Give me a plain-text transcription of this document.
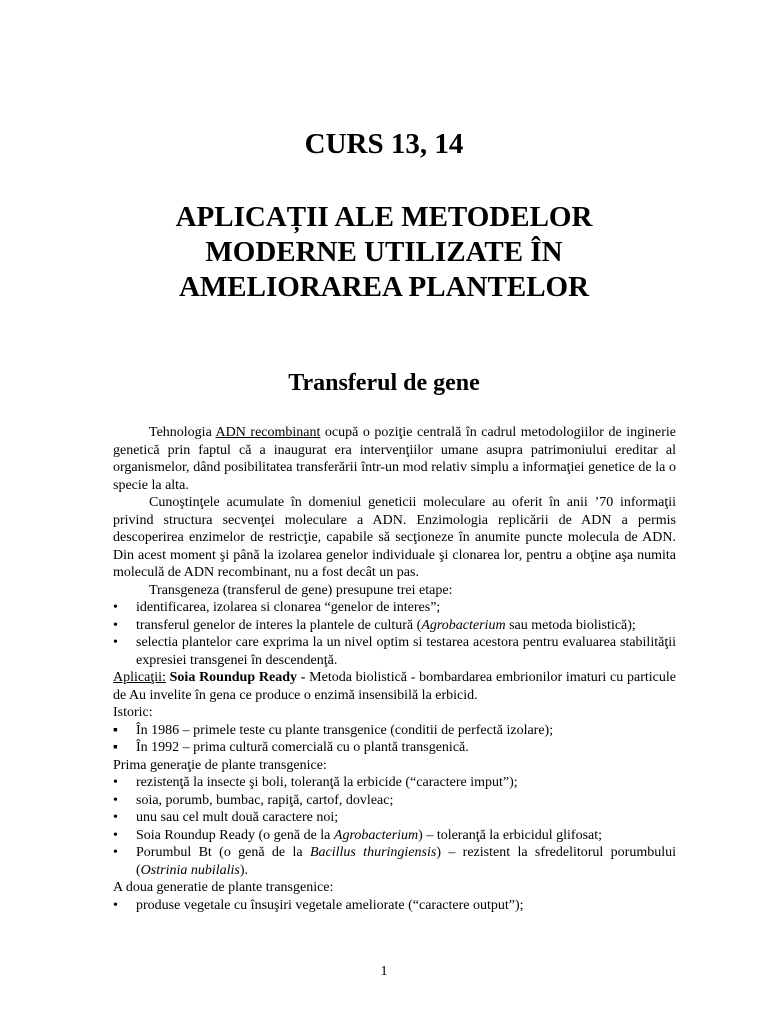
CURS 13, 14
APLICAȚII ALE METODELOR
MODERNE UTILIZATE ÎN
AMELIORAREA PLANTELOR
Transferul de gene

Tehnologia ADN recombinant ocupă o poziţie centrală în cadrul metodologiilor de inginerie genetică prin faptul că a inaugurat era intervenţiilor umane asupra patrimoniului ereditar al organismelor, dând posibilitatea transferării într-un mod relativ simplu a informaţiei genetice de la o specie la alta.

Cunoştinţele acumulate în domeniul geneticii moleculare au oferit în anii ’70 informaţii privind structura secvenţei moleculare a ADN. Enzimologia replicării de ADN a permis descoperirea enzimelor de restricţie, capabile să secţioneze în anumite puncte molecula de ADN. Din acest moment şi până la izolarea genelor individuale şi clonarea lor, pentru a obţine aşa numita moleculă de ADN recombinant, nu a fost decât un pas.

Transgeneza (transferul de gene) presupune trei etape:

•	identificarea, izolarea si clonarea “genelor de interes”;
•	transferul genelor de interes la plantele de cultură (Agrobacterium sau metoda biolistică);
•	selectia plantelor care exprima la un nivel optim si testarea acestora pentru evaluarea stabilităţii expresiei transgenei în descendenţă.

Aplicaţii: Soia Roundup Ready - Metoda biolistică - bombardarea embrionilor imaturi cu particule de Au invelite în gena ce produce o enzimă insensibilă la erbicid.

Istoric:

▪	În 1986 – primele teste cu plante transgenice (conditii de perfectă izolare);
▪	În 1992 – prima cultură comercială cu o plantă transgenică.

Prima generaţie de plante transgenice:

•	rezistenţă la insecte şi boli, toleranţă la erbicide (“caractere imput”);
•	soia, porumb, bumbac, rapiţă, cartof, dovleac;
•	unu sau cel mult două caractere noi;
•	Soia Roundup Ready (o genă de la Agrobacterium) – toleranţă la erbicidul glifosat;
•	Porumbul Bt (o genă de la Bacillus thuringiensis) – rezistent la sfredelitorul porumbului (Ostrinia nubilalis).

A doua generatie de plante transgenice:

•	produse vegetale cu însuşiri vegetale ameliorate (“caractere output”);
1
